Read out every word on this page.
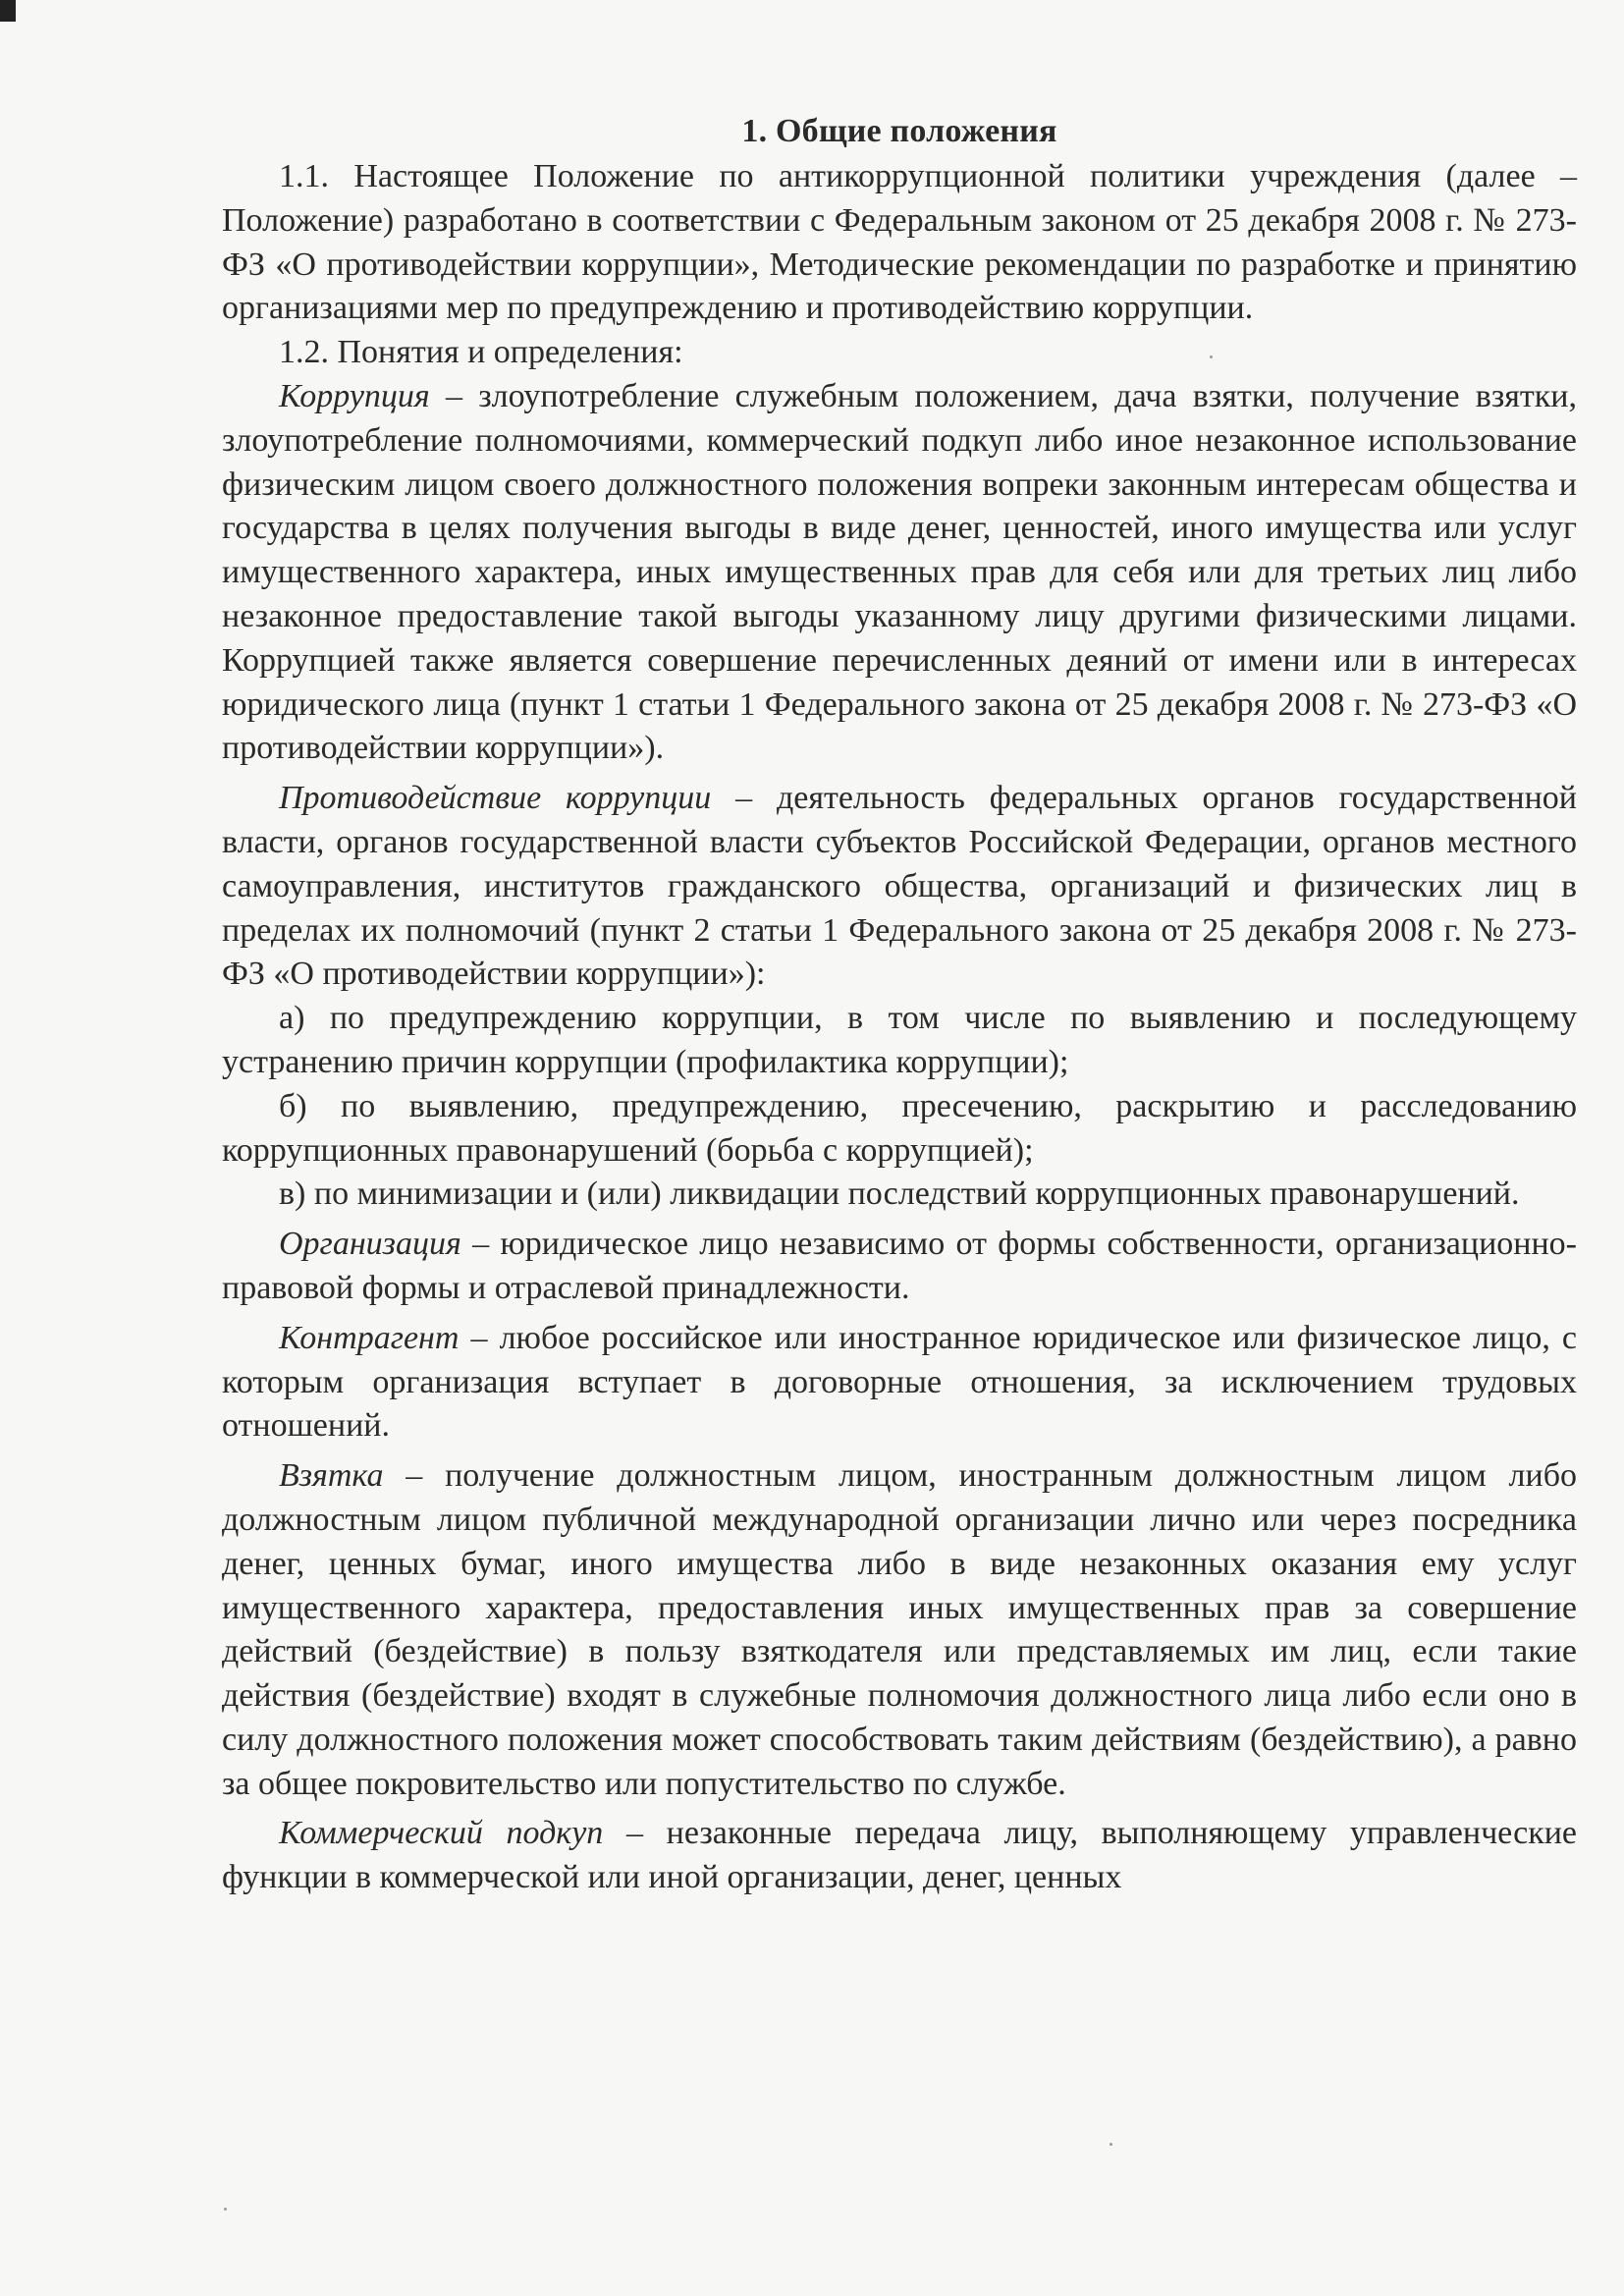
1. Общие положения

1.1. Настоящее Положение по антикоррупционной политики учреждения (далее – Положение) разработано в соответствии с Федеральным законом от 25 декабря 2008 г. № 273-ФЗ «О противодействии коррупции», Методические рекомендации по разработке и принятию организациями мер по предупреждению и противодействию коррупции.

1.2. Понятия и определения:

Коррупция – злоупотребление служебным положением, дача взятки, получение взятки, злоупотребление полномочиями, коммерческий подкуп либо иное незаконное использование физическим лицом своего должностного положения вопреки законным интересам общества и государства в целях получения выгоды в виде денег, ценностей, иного имущества или услуг имущественного характера, иных имущественных прав для себя или для третьих лиц либо незаконное предоставление такой выгоды указанному лицу другими физическими лицами. Коррупцией также является совершение перечисленных деяний от имени или в интересах юридического лица (пункт 1 статьи 1 Федерального закона от 25 декабря 2008 г. № 273-ФЗ «О противодействии коррупции»).

Противодействие коррупции – деятельность федеральных органов государственной власти, органов государственной власти субъектов Российской Федерации, органов местного самоуправления, институтов гражданского общества, организаций и физических лиц в пределах их полномочий (пункт 2 статьи 1 Федерального закона от 25 декабря 2008 г. № 273-ФЗ «О противодействии коррупции»):

а) по предупреждению коррупции, в том числе по выявлению и последующему устранению причин коррупции (профилактика коррупции);

б) по выявлению, предупреждению, пресечению, раскрытию и расследованию коррупционных правонарушений (борьба с коррупцией);

в) по минимизации и (или) ликвидации последствий коррупционных правонарушений.

Организация – юридическое лицо независимо от формы собственности, организационно-правовой формы и отраслевой принадлежности.

Контрагент – любое российское или иностранное юридическое или физическое лицо, с которым организация вступает в договорные отношения, за исключением трудовых отношений.

Взятка – получение должностным лицом, иностранным должностным лицом либо должностным лицом публичной международной организации лично или через посредника денег, ценных бумаг, иного имущества либо в виде незаконных оказания ему услуг имущественного характера, предоставления иных имущественных прав за совершение действий (бездействие) в пользу взяткодателя или представляемых им лиц, если такие действия (бездействие) входят в служебные полномочия должностного лица либо если оно в силу должностного положения может способствовать таким действиям (бездействию), а равно за общее покровительство или попустительство по службе.

Коммерческий подкуп – незаконные передача лицу, выполняющему управленческие функции в коммерческой или иной организации, денег, ценных
